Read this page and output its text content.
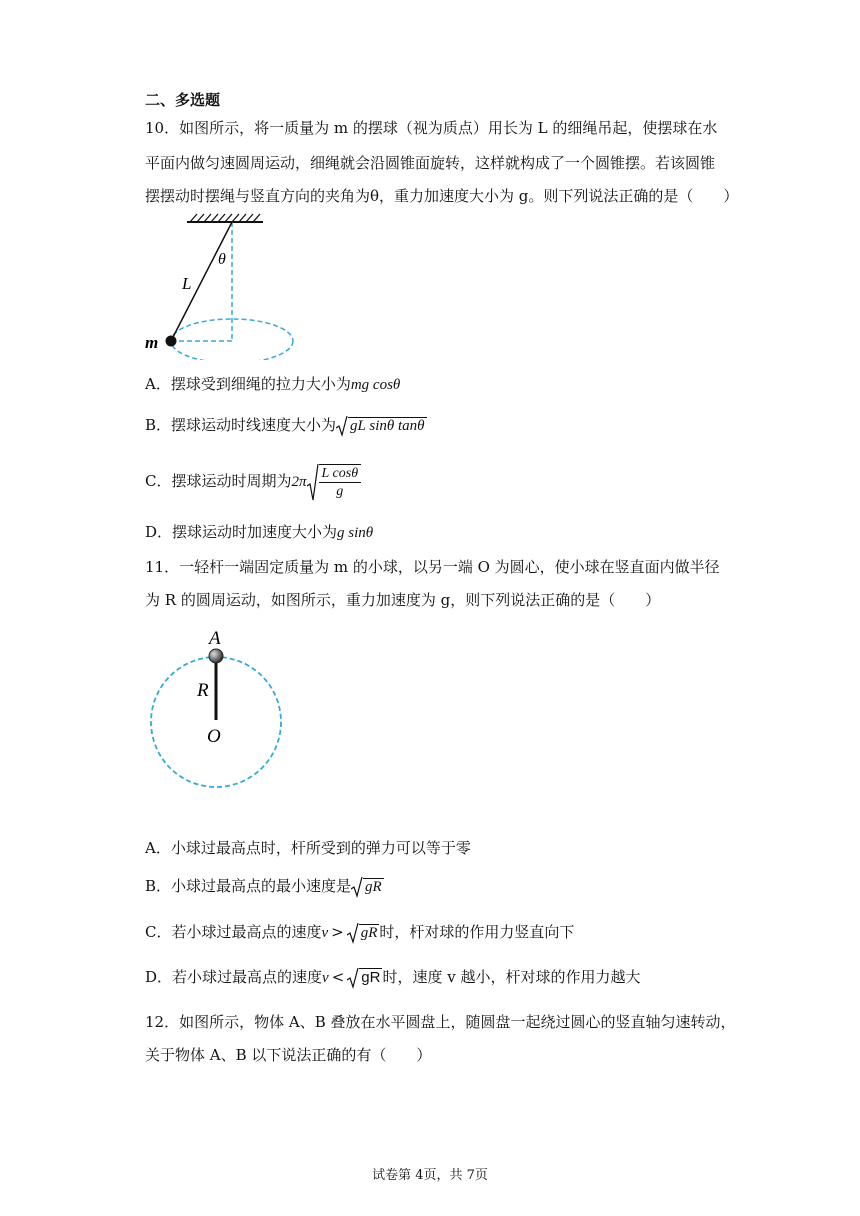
二、多选题
10．如图所示，将一质量为 m 的摆球（视为质点）用长为 L 的细绳吊起，使摆球在水
平面内做匀速圆周运动，细绳就会沿圆锥面旋转，这样就构成了一个圆锥摆。若该圆锥
摆摆动时摆绳与竖直方向的夹角为θ，重力加速度大小为 g。则下列说法正确的是（　　）
L
θ
m
A．摆球受到细绳的拉力大小为mg cosθ
B．摆球运动时线速度大小为 gL sinθ tanθ
C．摆球运动时周期为$2\pi \frac{\text{L cosθ}}{g}$
D．摆球运动时加速度大小为g sinθ
11．一轻杆一端固定质量为 m 的小球，以另一端 O 为圆心，使小球在竖直面内做半径
为 R 的圆周运动，如图所示，重力加速度为 g，则下列说法正确的是（　　）
A
R
O
A．小球过最高点时，杆所受到的弹力可以等于零
B．小球过最高点的最小速度是 gR
C．若小球过最高点的速度v > gR 时，杆对球的作用力竖直向下
D．若小球过最高点的速度v < gR 时，速度 v 越小，杆对球的作用力越大
12．如图所示，物体 A、B 叠放在水平圆盘上，随圆盘一起绕过圆心的竖直轴匀速转动，
关于物体 A、B 以下说法正确的有（　　）
试卷第 4页，共 7页
